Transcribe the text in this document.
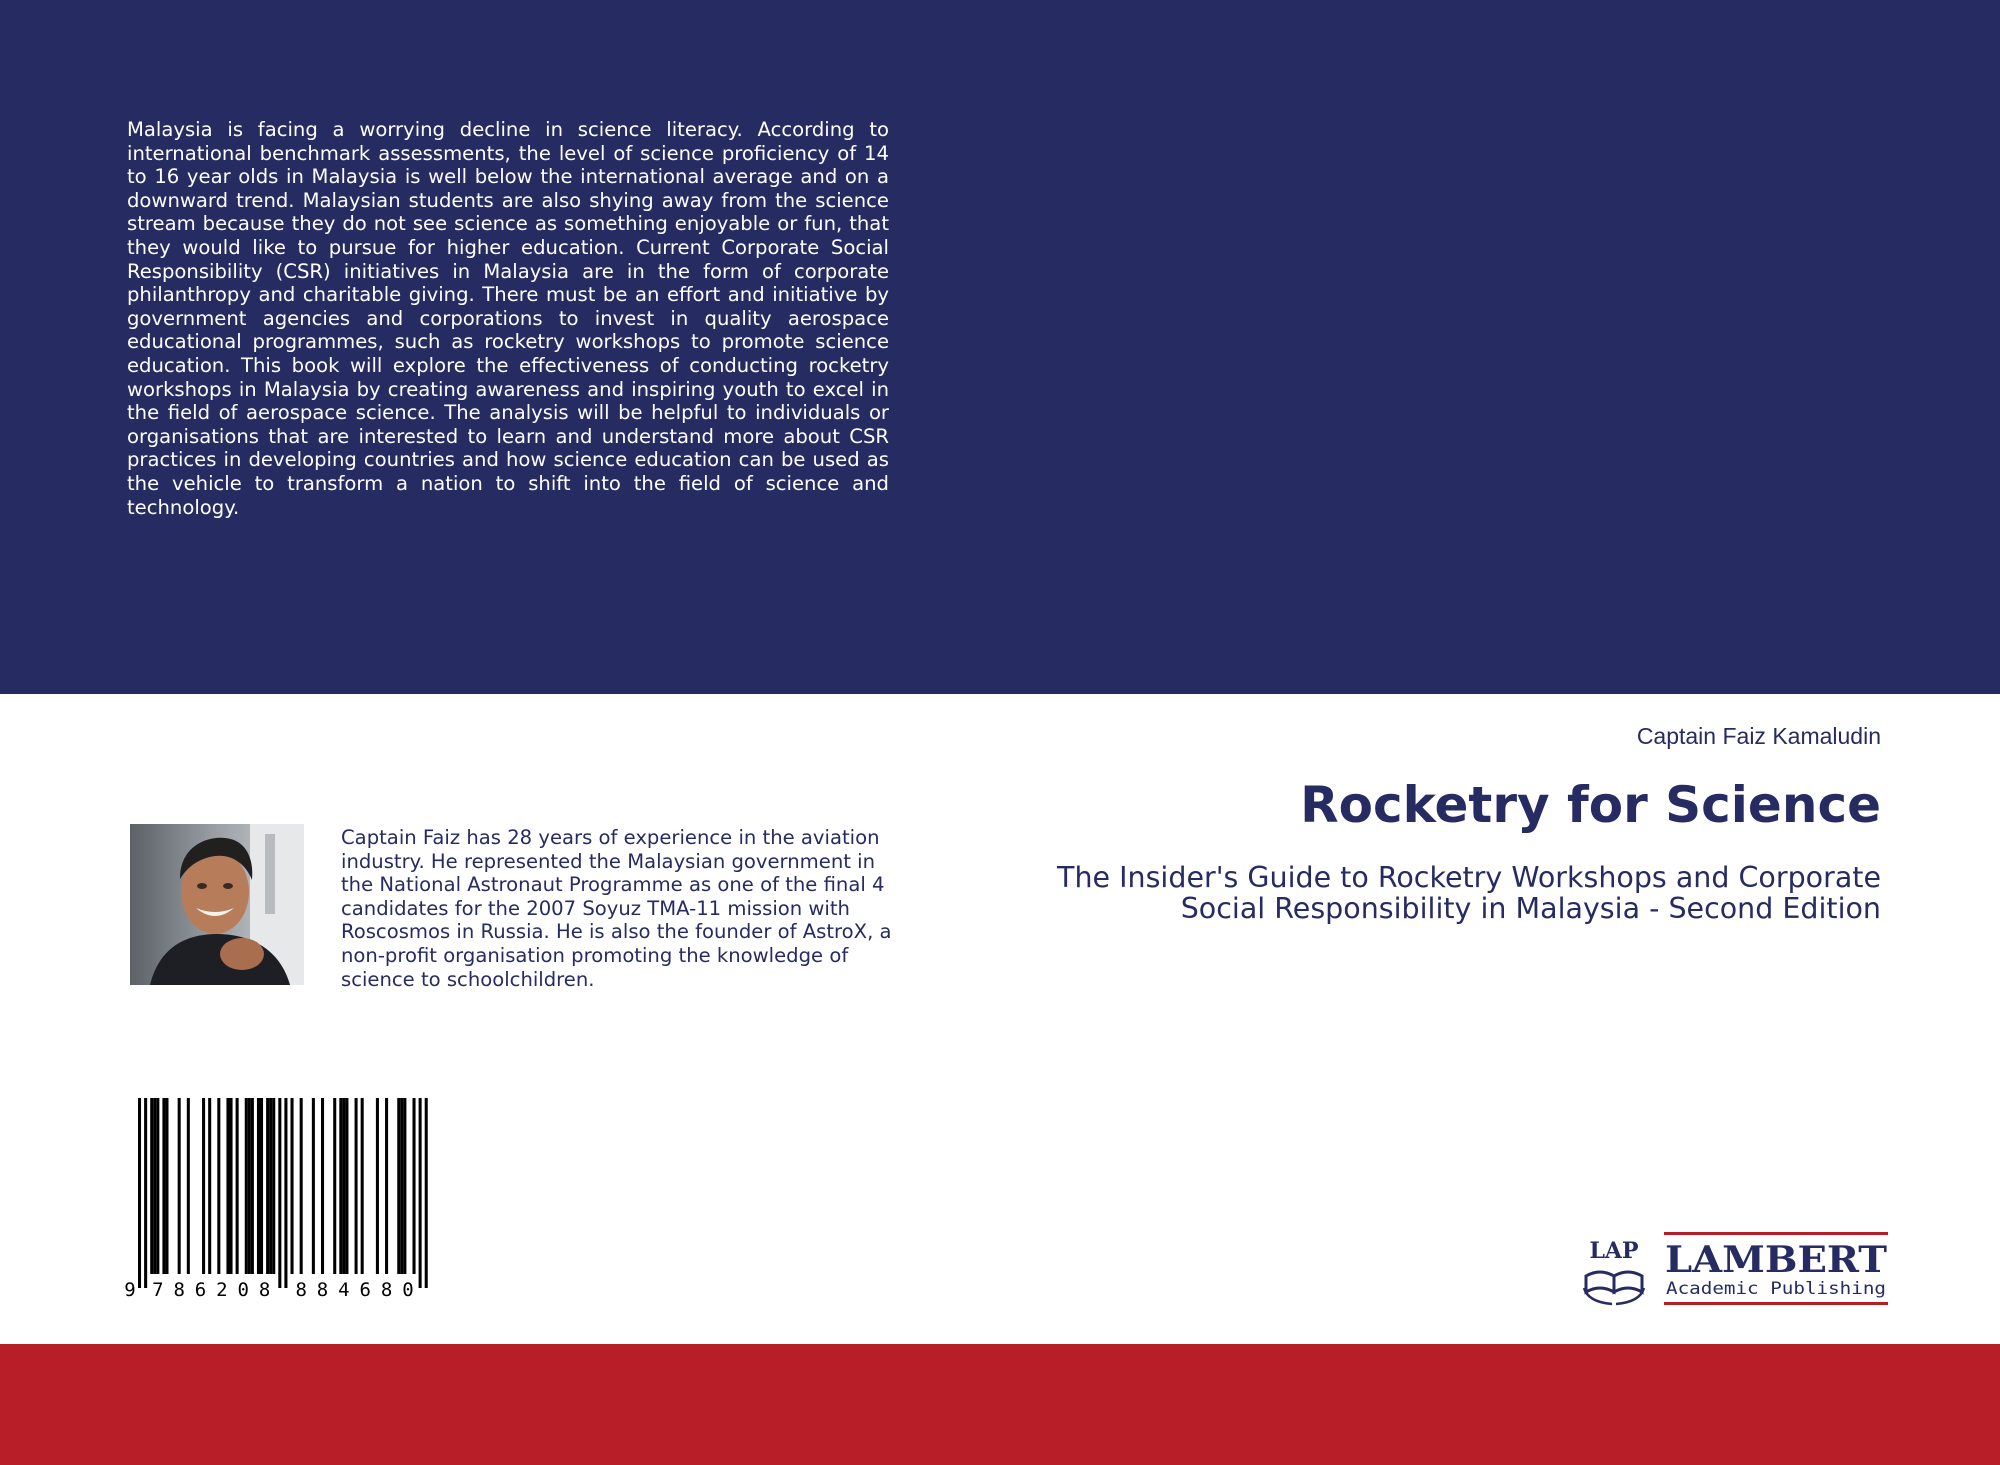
Malaysia is facing a worrying decline in science literacy. According to international benchmark assessments, the level of science proficiency of 14 to 16 year olds in Malaysia is well below the international average and on a downward trend. Malaysian students are also shying away from the science stream because they do not see science as something enjoyable or fun, that they would like to pursue for higher education. Current Corporate Social Responsibility (CSR) initiatives in Malaysia are in the form of corporate philanthropy and charitable giving. There must be an effort and initiative by government agencies and corporations to invest in quality aerospace educational programmes, such as rocketry workshops to promote science education. This book will explore the effectiveness of conducting rocketry workshops in Malaysia by creating awareness and inspiring youth to excel in the field of aerospace science. The analysis will be helpful to individuals or organisations that are interested to learn and understand more about CSR practices in developing countries and how science education can be used as the vehicle to transform a nation to shift into the field of science and technology.

Captain Faiz Kamaludin
Rocketry for Science

The Insider's Guide to Rocketry Workshops and Corporate Social Responsibility in Malaysia - Second Edition

Captain Faiz has 28 years of experience in the aviation industry. He represented the Malaysian government in the National Astronaut Programme as one of the final 4 candidates for the 2007 Soyuz TMA-11 mission with Roscosmos in Russia. He is also the founder of AstroX, a non-profit organisation promoting the knowledge of science to schoolchildren.

9 7 8 6 2 0 8 8 8 4 6 8 0
LAP LAMBERT
Academic Publishing
